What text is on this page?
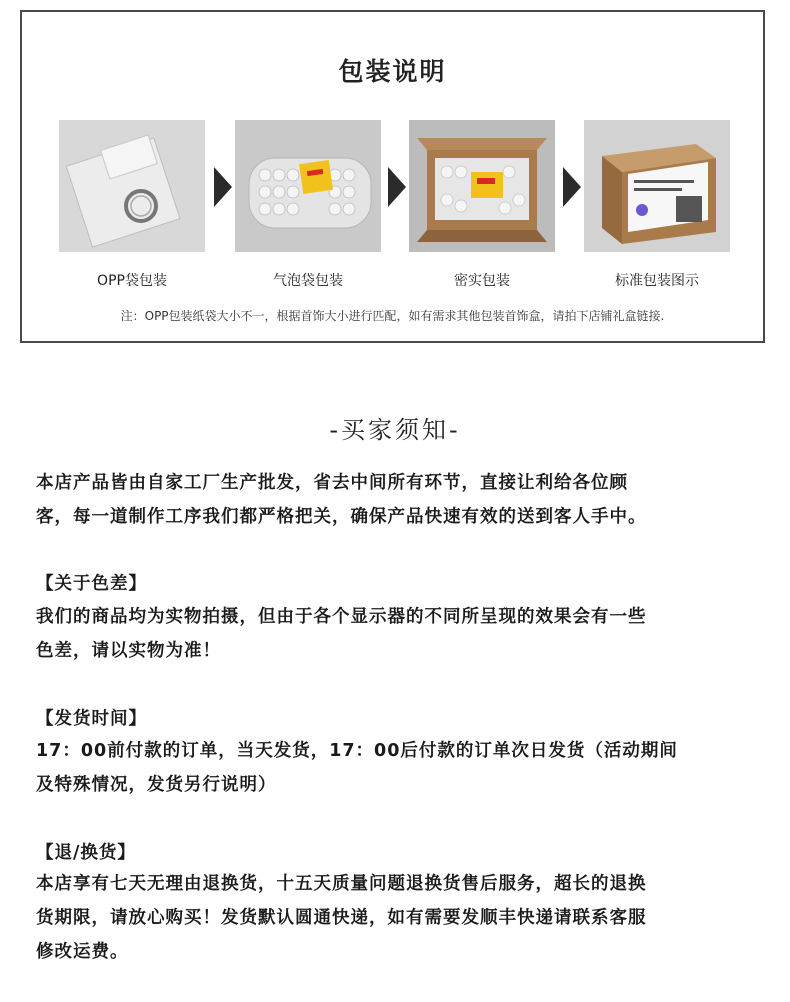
包装说明
OPP袋包装	气泡袋包装	密实包装	标准包装图示
注：OPP包装纸袋大小不一，根据首饰大小进行匹配，如有需求其他包装首饰盒，请拍下店铺礼盒链接.
-买家须知-
本店产品皆由自家工厂生产批发，省去中间所有环节，直接让利给各位顾
客，每一道制作工序我们都严格把关，确保产品快速有效的送到客人手中。
【关于色差】
我们的商品均为实物拍摄，但由于各个显示器的不同所呈现的效果会有一些
色差，请以实物为准！
【发货时间】
17：00前付款的订单，当天发货，17：00后付款的订单次日发货（活动期间
及特殊情况，发货另行说明）
【退/换货】
本店享有七天无理由退换货，十五天质量问题退换货售后服务，超长的退换
货期限，请放心购买！发货默认圆通快递，如有需要发顺丰快递请联系客服
修改运费。
